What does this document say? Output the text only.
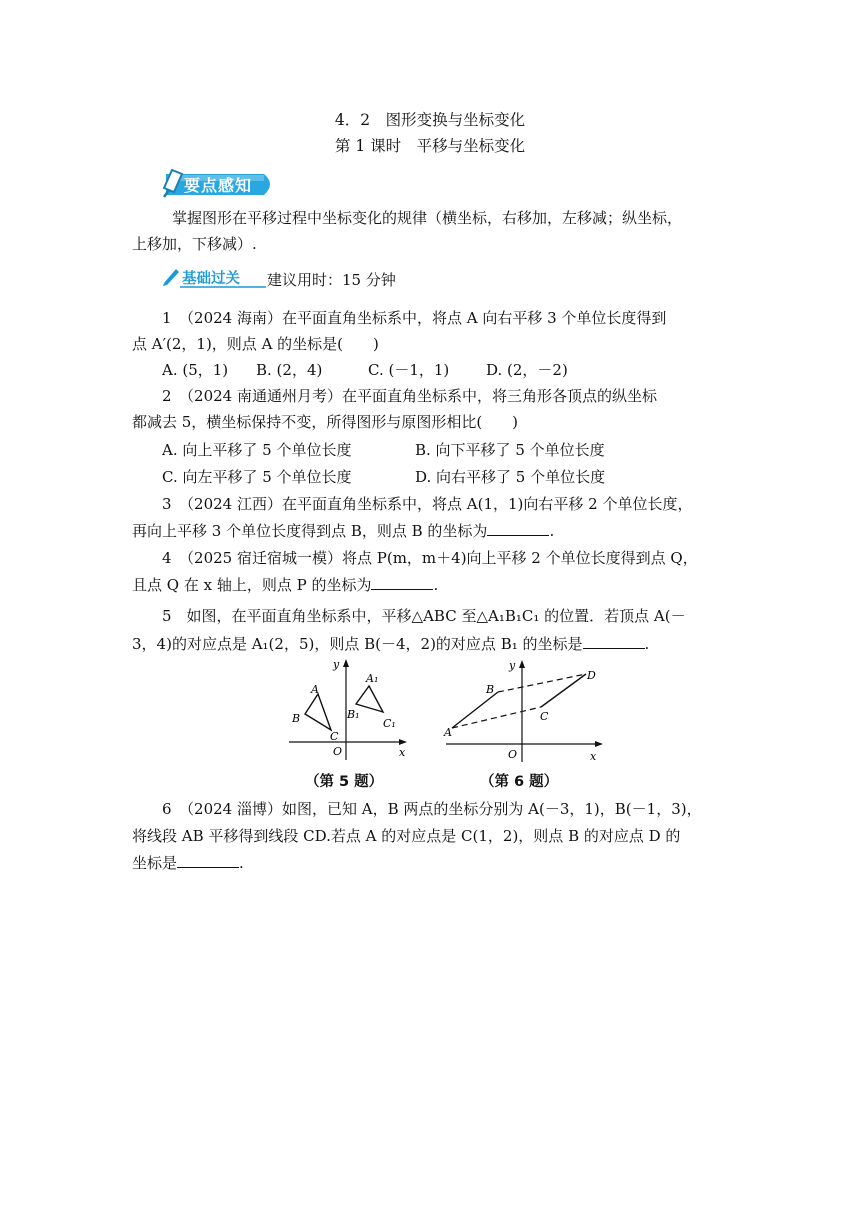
4．2　图形变换与坐标变化
第 1 课时　平移与坐标变化
要点感知
掌握图形在平移过程中坐标变化的规律（横坐标，右移加，左移减；纵坐标，
上移加，下移减）.
基础过关 建议用时：15 分钟
1　（2024 海南）在平面直角坐标系中，将点 A 向右平移 3 个单位长度得到
点 A′(2，1)，则点 A 的坐标是(　　)
A. (5，1) B. (2，4)	C. (－1，1) D. (2，－2)
2　（2024 南通通州月考）在平面直角坐标系中，将三角形各顶点的纵坐标
都减去 5，横坐标保持不变，所得图形与原图形相比(　　)
A. 向上平移了 5 个单位长度	B. 向下平移了 5 个单位长度
C. 向左平移了 5 个单位长度	D. 向右平移了 5 个单位长度
3　（2024 江西）在平面直角坐标系中，将点 A(1，1)向右平移 2 个单位长度，
再向上平移 3 个单位长度得到点 B，则点 B 的坐标为	.
4　（2025 宿迁宿城一模）将点 P(m，m＋4)向上平移 2 个单位长度得到点 Q，
且点 Q 在 x 轴上，则点 P 的坐标为	.
5　如图，在平面直角坐标系中，平移△ABC 至△A₁B₁C₁ 的位置．若顶点 A(－
3，4)的对应点是 A₁(2，5)，则点 B(－4，2)的对应点 B₁ 的坐标是	.
A
B
C
A₁
B₁
C₁
O
y
x
（第 5 题）
A
B
C
D
O
y
x
（第 6 题）
6　（2024 淄博）如图，已知 A，B 两点的坐标分别为 A(－3，1)，B(－1，3)，
将线段 AB 平移得到线段 CD.若点 A 的对应点是 C(1，2)，则点 B 的对应点 D 的
坐标是	.
